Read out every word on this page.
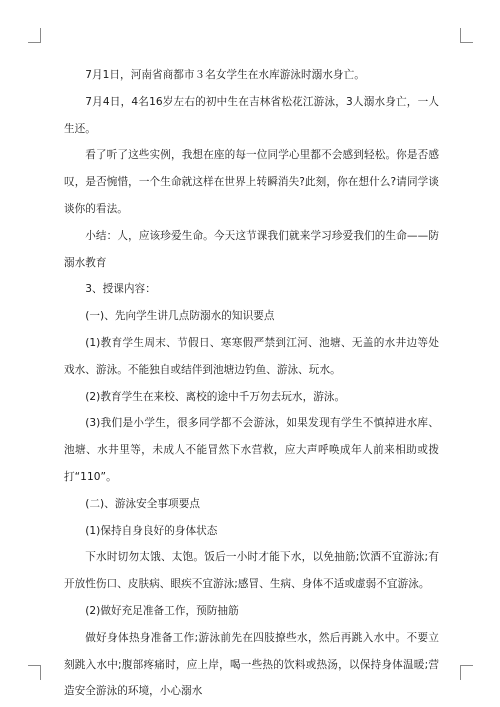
7月1日，河南省商都市３名女学生在水库游泳时溺水身亡。

7月4日，4名16岁左右的初中生在吉林省松花江游泳，3人溺水身亡，一人生还。

看了听了这些实例，我想在座的每一位同学心里都不会感到轻松。你是否感叹，是否惋惜，一个生命就这样在世界上转瞬消失?此刻，你在想什么?请同学谈谈你的看法。

小结：人，应该珍爱生命。今天这节课我们就来学习珍爱我们的生命——防溺水教育

3、授课内容：

(一)、先向学生讲几点防溺水的知识要点

(1)教育学生周末、节假日、寒寒假严禁到江河、池塘、无盖的水井边等处戏水、游泳。不能独自或结伴到池塘边钓鱼、游泳、玩水。

(2)教育学生在来校、离校的途中千万勿去玩水，游泳。

(3)我们是小学生，很多同学都不会游泳，如果发现有学生不慎掉进水库、池塘、水井里等，未成人不能冒然下水营救，应大声呼唤成年人前来相助或拨打“110”。

(二)、游泳安全事项要点

(1)保持自身良好的身体状态

下水时切勿太饿、太饱。饭后一小时才能下水，以免抽筋;饮酒不宜游泳;有开放性伤口、皮肤病、眼疾不宜游泳;感冒、生病、身体不适或虚弱不宜游泳。

(2)做好充足准备工作，预防抽筋

做好身体热身准备工作;游泳前先在四肢撩些水，然后再跳入水中。不要立刻跳入水中;腹部疼痛时，应上岸，喝一些热的饮料或热汤，以保持身体温暖;营造安全游泳的环境，小心溺水
